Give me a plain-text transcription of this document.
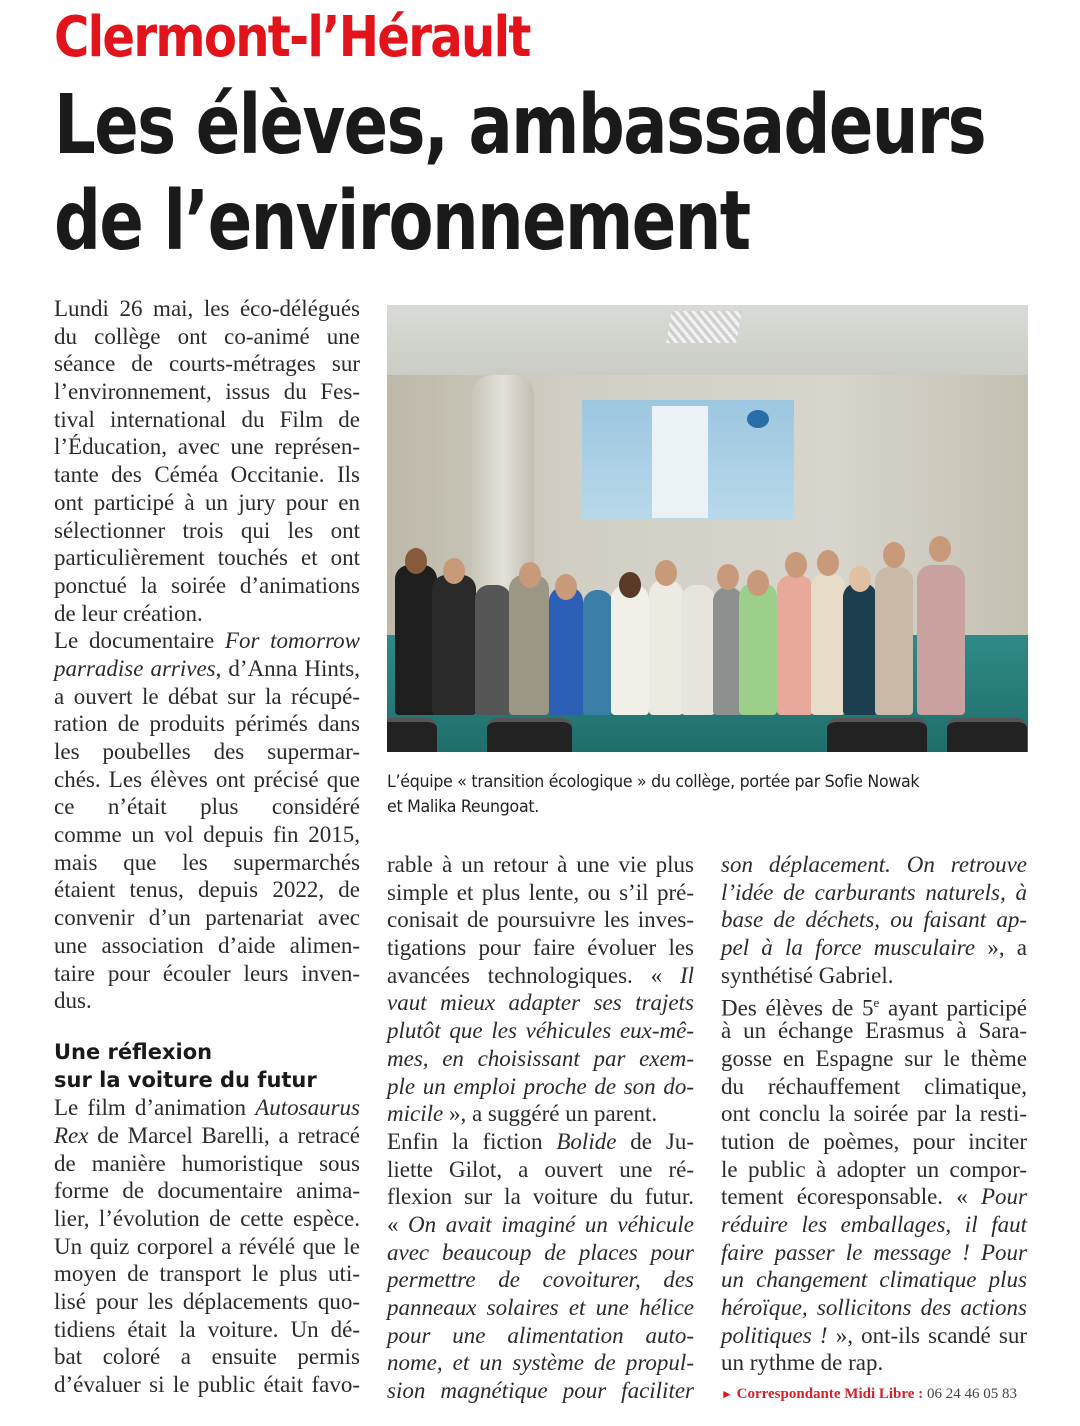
Clermont-l’Hérault
Les élèves, ambassadeurs
de l’environnement
Lundi 26 mai, les éco-délégués
du collège ont co-animé une
séance de courts-métrages sur
l’environnement, issus du Fes-
tival international du Film de
l’Éducation, avec une représen-
tante des Céméa Occitanie. Ils
ont participé à un jury pour en
sélectionner trois qui les ont
particulièrement touchés et ont
ponctué la soirée d’animations
de leur création.
Le documentaire For tomorrow
parradise arrives, d’Anna Hints,
a ouvert le débat sur la récupé-
ration de produits périmés dans
les poubelles des supermar-
chés. Les élèves ont précisé que
ce n’était plus considéré
comme un vol depuis fin 2015,
mais que les supermarchés
étaient tenus, depuis 2022, de
convenir d’un partenariat avec
une association d’aide alimen-
taire pour écouler leurs inven-
dus.
Une réflexion
sur la voiture du futur
Le film d’animation Autosaurus
Rex de Marcel Barelli, a retracé
de manière humoristique sous
forme de documentaire anima-
lier, l’évolution de cette espèce.
Un quiz corporel a révélé que le
moyen de transport le plus uti-
lisé pour les déplacements quo-
tidiens était la voiture. Un dé-
bat coloré a ensuite permis
d’évaluer si le public était favo-
L’équipe « transition écologique » du collège, portée par Sofie Nowak
et Malika Reungoat.
rable à un retour à une vie plus
simple et plus lente, ou s’il pré-
conisait de poursuivre les inves-
tigations pour faire évoluer les
avancées technologiques. « Il
vaut mieux adapter ses trajets
plutôt que les véhicules eux-mê-
mes, en choisissant par exem-
ple un emploi proche de son do-
micile », a suggéré un parent.
Enfin la fiction Bolide de Ju-
liette Gilot, a ouvert une ré-
flexion sur la voiture du futur.
« On avait imaginé un véhicule
avec beaucoup de places pour
permettre de covoiturer, des
panneaux solaires et une hélice
pour une alimentation auto-
nome, et un système de propul-
sion magnétique pour faciliter
son déplacement. On retrouve
l’idée de carburants naturels, à
base de déchets, ou faisant ap-
pel à la force musculaire », a
synthétisé Gabriel.
Des élèves de 5e ayant participé
à un échange Erasmus à Sara-
gosse en Espagne sur le thème
du réchauffement climatique,
ont conclu la soirée par la resti-
tution de poèmes, pour inciter
le public à adopter un compor-
tement écoresponsable. « Pour
réduire les emballages, il faut
faire passer le message ! Pour
un changement climatique plus
héroïque, sollicitons des actions
politiques ! », ont-ils scandé sur
un rythme de rap.
► Correspondante Midi Libre : 06 24 46 05 83
